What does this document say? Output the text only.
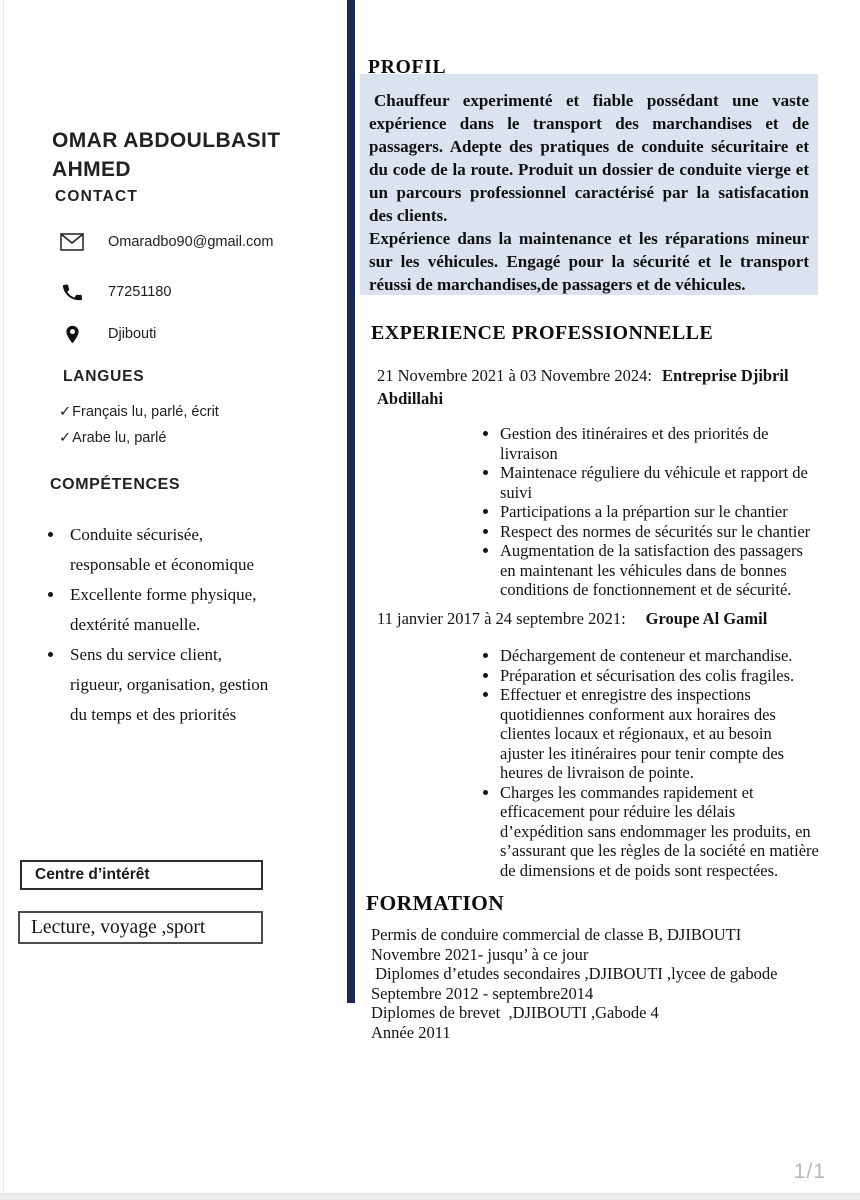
OMAR ABDOULBASIT AHMED
CONTACT
Omaradbo90@gmail.com
77251180
Djibouti
LANGUES
✓Français lu, parlé, écrit
✓Arabe lu, parlé
COMPÉTENCES
• Conduite sécurisée, responsable et économique
• Excellente forme physique, dextérité manuelle.
• Sens du service client, rigueur, organisation, gestion du temps et des priorités
Centre d’intérêt
Lecture, voyage ,sport
PROFIL

Chauffeur experimenté et fiable possédant une vaste expérience dans le transport des marchandises et de passagers. Adepte des pratiques de conduite sécuritaire et du code de la route. Produit un dossier de conduite vierge et un parcours professionnel caractérisé par la satisfacation des clients.

Expérience dans la maintenance et les réparations mineur sur les véhicules. Engagé pour la sécurité et le transport réussi de marchandises,de passagers et de véhicules.

EXPERIENCE PROFESSIONNELLE
21 Novembre 2021 à 03 Novembre 2024: Entreprise Djibril Abdillahi
• Gestion des itinéraires et des priorités de livraison
• Maintenace réguliere du véhicule et rapport de suivi
• Participations a la prépartion sur le chantier
• Respect des normes de sécurités sur le chantier
• Augmentation de la satisfaction des passagers en maintenant les véhicules dans de bonnes conditions de fonctionnement et de sécurité.
11 janvier 2017 à 24 septembre 2021: Groupe Al Gamil
• Déchargement de conteneur et marchandise.
• Préparation et sécurisation des colis fragiles.
• Effectuer et enregistre des inspections quotidiennes conforment aux horaires des clientes locaux et régionaux, et au besoin ajuster les itinéraires pour tenir compte des heures de livraison de pointe.
• Charges les commandes rapidement et efficacement pour réduire les délais d’expédition sans endommager les produits, en s’assurant que les règles de la société en matière de dimensions et de poids sont respectées.
FORMATION
Permis de conduire commercial de classe B, DJIBOUTI
Novembre 2021- jusqu’ à ce jour
Diplomes d’etudes secondaires ,DJIBOUTI ,lycee de gabode
Septembre 2012 - septembre2014
Diplomes de brevet  ,DJIBOUTI ,Gabode 4
Année 2011
1/1
